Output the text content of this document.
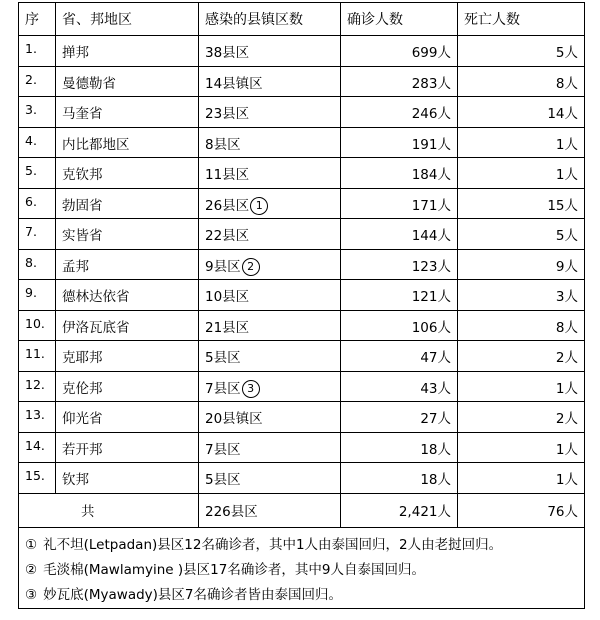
序	省、邦地区	感染的县镇区数	确诊人数	死亡人数
1.	掸邦	38县区	699人	5人
2.	曼德勒省	14县镇区	283人	8人
3.	马奎省	23县区	246人	14人
4.	内比都地区	8县区	191人	1人
5.	克钦邦	11县区	184人	1人
6.	勃固省	26县区 1	171人	15人
7.	实皆省	22县区	144人	5人
8.	孟邦	9县区 2	123人	9人
9.	德林达依省	10县区	121人	3人
10.	伊洛瓦底省	21县区	106人	8人
11.	克耶邦	5县区	47人	2人
12.	克伦邦	7县区 3	43人	1人
13.	仰光省	20县镇区	27人	2人
14.	若开邦	7县区	18人	1人
15.	钦邦	5县区	18人	1人
共		226县区	2,421人	76人

① 礼不坦(Letpadan)县区12名确诊者，其中1人由泰国回归，2人由老挝回归。
② 毛淡棉(Mawlamyine )县区17名确诊者，其中9人自泰国回归。
③ 妙瓦底(Myawady)县区7名确诊者皆由泰国回归。				
